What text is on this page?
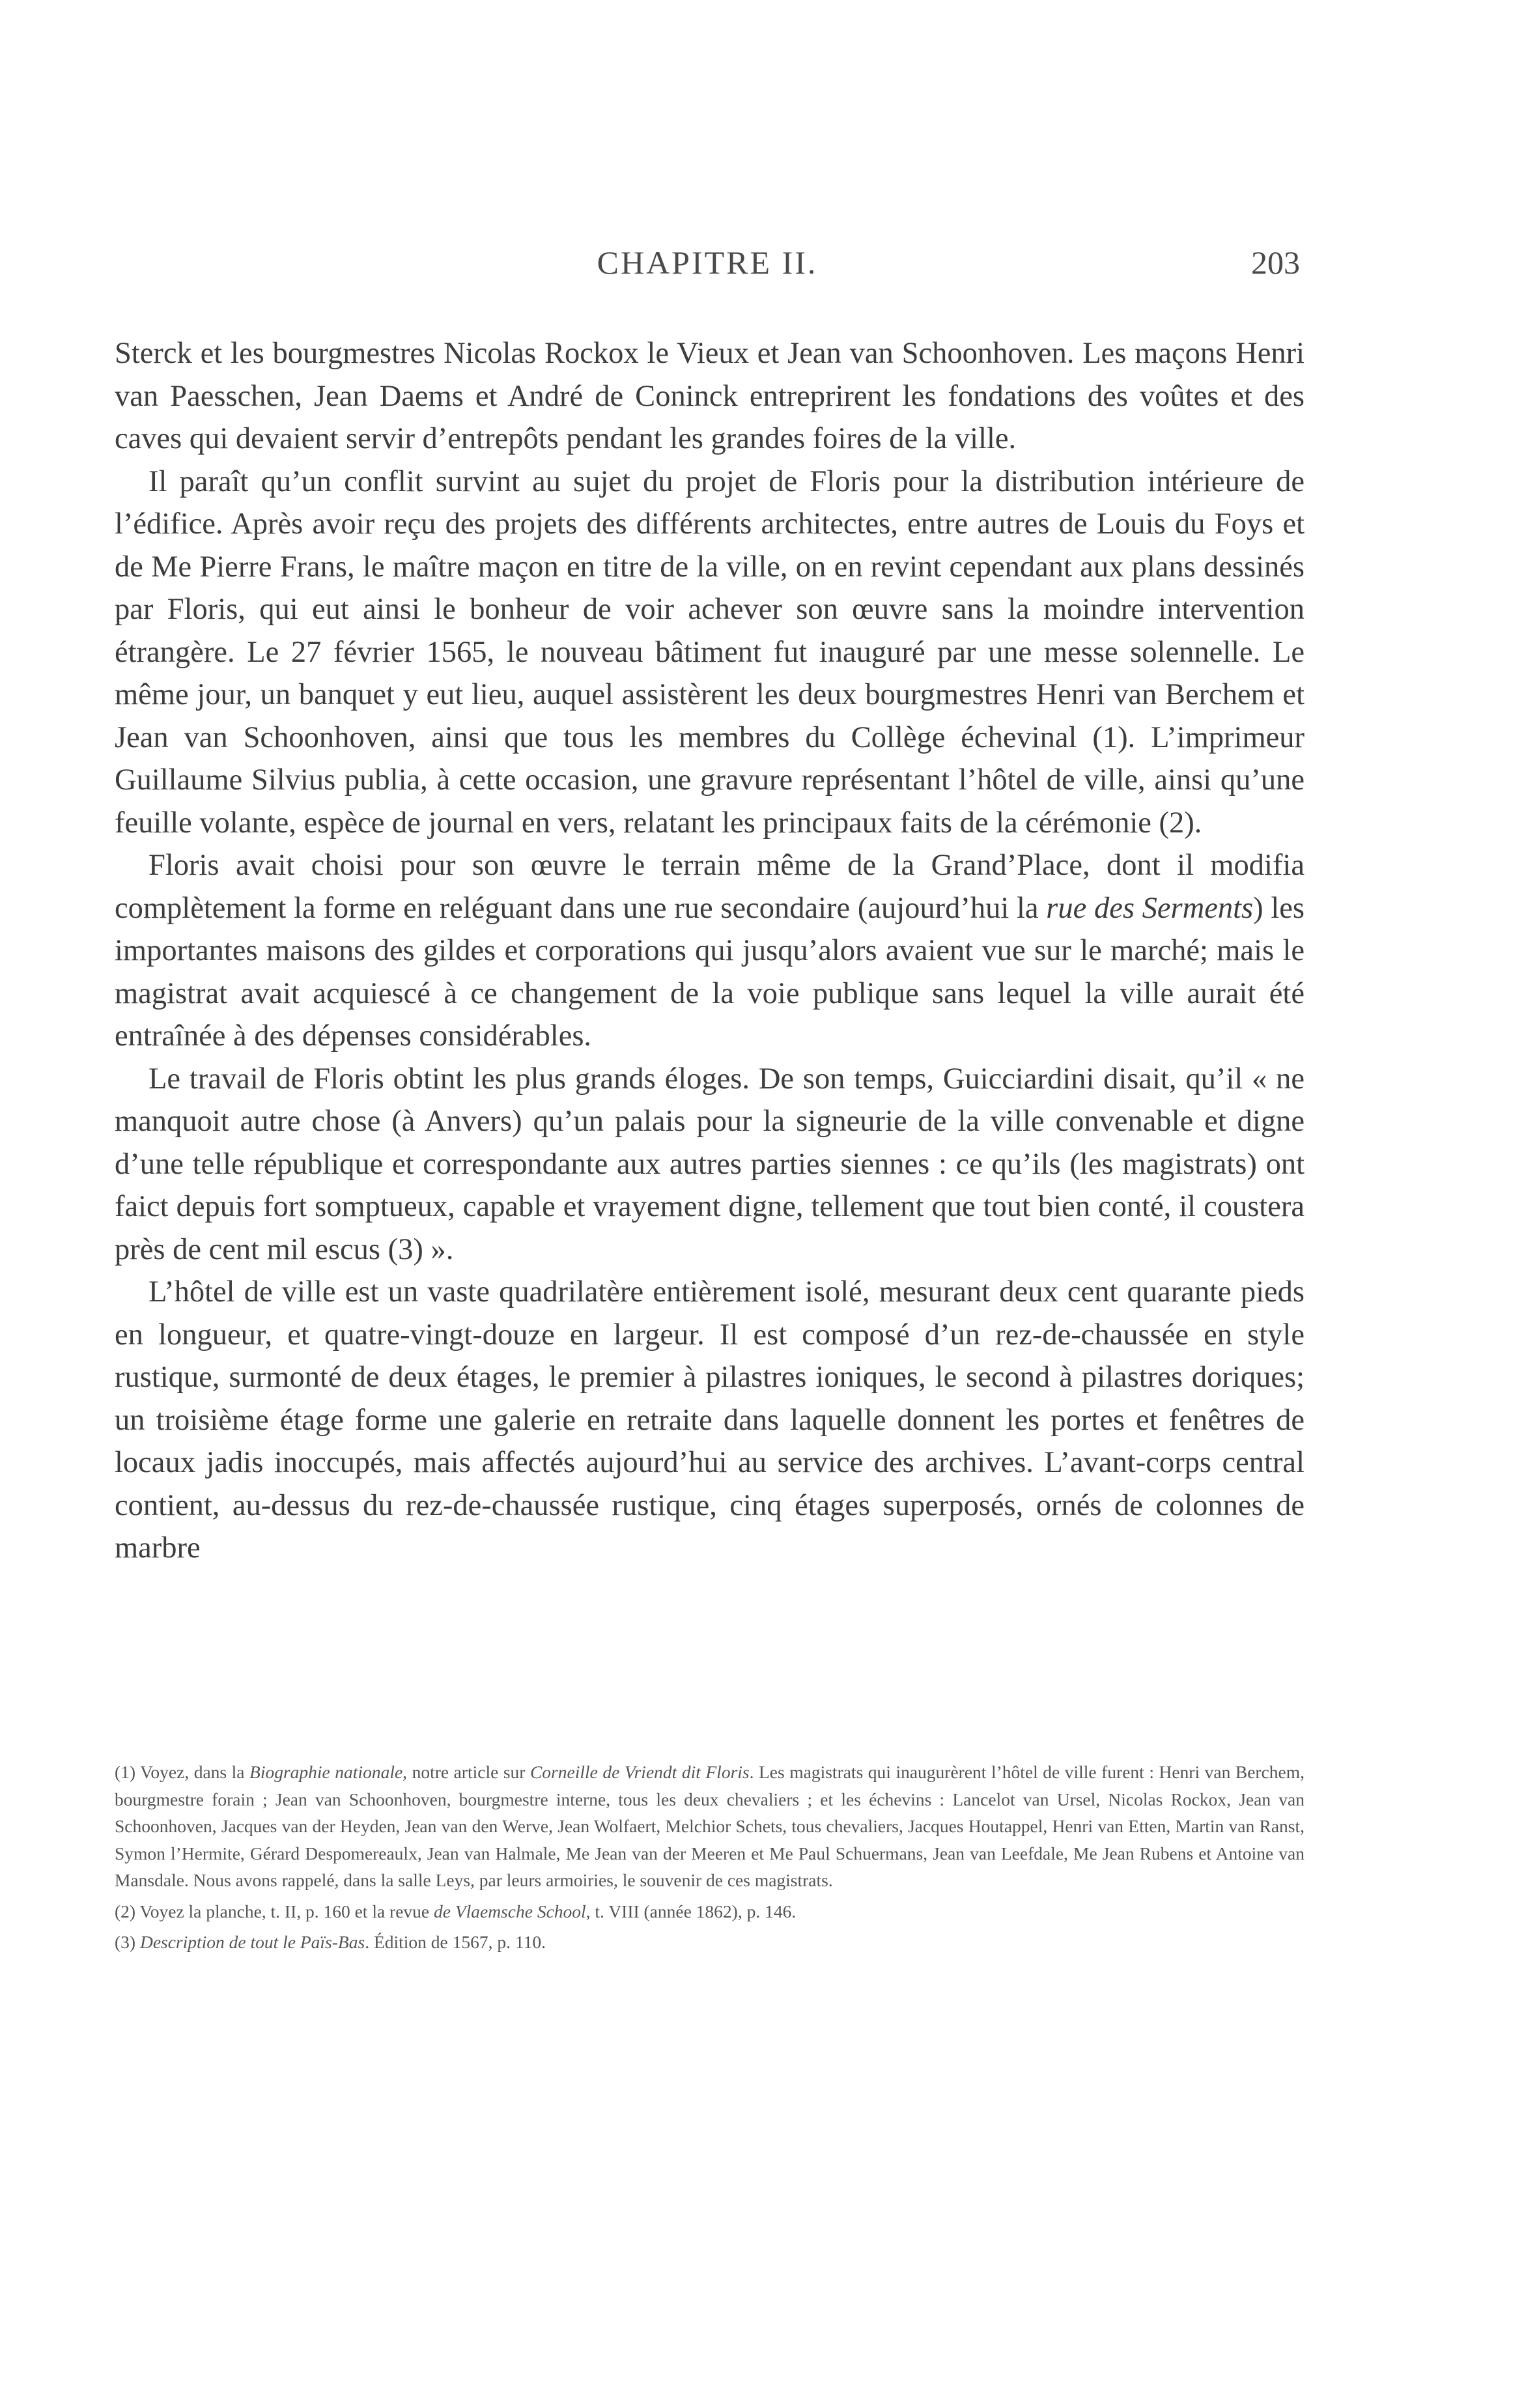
CHAPITRE II.	203

Sterck et les bourgmestres Nicolas Rockox le Vieux et Jean van Schoonhoven. Les maçons Henri van Paesschen, Jean Daems et André de Coninck entreprirent les fondations des voûtes et des caves qui devaient servir d’entrepôts pendant les grandes foires de la ville.

Il paraît qu’un conflit survint au sujet du projet de Floris pour la distribution intérieure de l’édifice. Après avoir reçu des projets des différents architectes, entre autres de Louis du Foys et de Me Pierre Frans, le maître maçon en titre de la ville, on en revint cependant aux plans dessinés par Floris, qui eut ainsi le bonheur de voir achever son œuvre sans la moindre intervention étrangère. Le 27 février 1565, le nouveau bâtiment fut inauguré par une messe solennelle. Le même jour, un banquet y eut lieu, auquel assistèrent les deux bourgmestres Henri van Berchem et Jean van Schoonhoven, ainsi que tous les membres du Collège échevinal (1). L’imprimeur Guillaume Silvius publia, à cette occasion, une gravure représentant l’hôtel de ville, ainsi qu’une feuille volante, espèce de journal en vers, relatant les principaux faits de la cérémonie (2).

Floris avait choisi pour son œuvre le terrain même de la Grand’Place, dont il modifia complètement la forme en reléguant dans une rue secondaire (aujourd’hui la rue des Serments) les importantes maisons des gildes et corporations qui jusqu’alors avaient vue sur le marché; mais le magistrat avait acquiescé à ce changement de la voie publique sans lequel la ville aurait été entraînée à des dépenses considérables.

Le travail de Floris obtint les plus grands éloges. De son temps, Guicciardini disait, qu’il « ne manquoit autre chose (à Anvers) qu’un palais pour la signeurie de la ville convenable et digne d’une telle république et correspondante aux autres parties siennes : ce qu’ils (les magistrats) ont faict depuis fort somptueux, capable et vrayement digne, tellement que tout bien conté, il coustera près de cent mil escus (3) ».

L’hôtel de ville est un vaste quadrilatère entièrement isolé, mesurant deux cent quarante pieds en longueur, et quatre-vingt-douze en largeur. Il est composé d’un rez-de-chaussée en style rustique, surmonté de deux étages, le premier à pilastres ioniques, le second à pilastres doriques; un troisième étage forme une galerie en retraite dans laquelle donnent les portes et fenêtres de locaux jadis inoccupés, mais affectés aujourd’hui au service des archives. L’avant-corps central contient, au-dessus du rez-de-chaussée rustique, cinq étages superposés, ornés de colonnes de marbre

(1) Voyez, dans la Biographie nationale, notre article sur Corneille de Vriendt dit Floris. Les magistrats qui inaugurèrent l’hôtel de ville furent : Henri van Berchem, bourgmestre forain ; Jean van Schoonhoven, bourgmestre interne, tous les deux chevaliers ; et les échevins : Lancelot van Ursel, Nicolas Rockox, Jean van Schoonhoven, Jacques van der Heyden, Jean van den Werve, Jean Wolfaert, Melchior Schets, tous chevaliers, Jacques Houtappel, Henri van Etten, Martin van Ranst, Symon l’Hermite, Gérard Despomereaulx, Jean van Halmale, Me Jean van der Meeren et Me Paul Schuermans, Jean van Leefdale, Me Jean Rubens et Antoine van Mansdale. Nous avons rappelé, dans la salle Leys, par leurs armoiries, le souvenir de ces magistrats.

(2) Voyez la planche, t. II, p. 160 et la revue de Vlaemsche School, t. VIII (année 1862), p. 146.

(3) Description de tout le Païs-Bas. Édition de 1567, p. 110.
